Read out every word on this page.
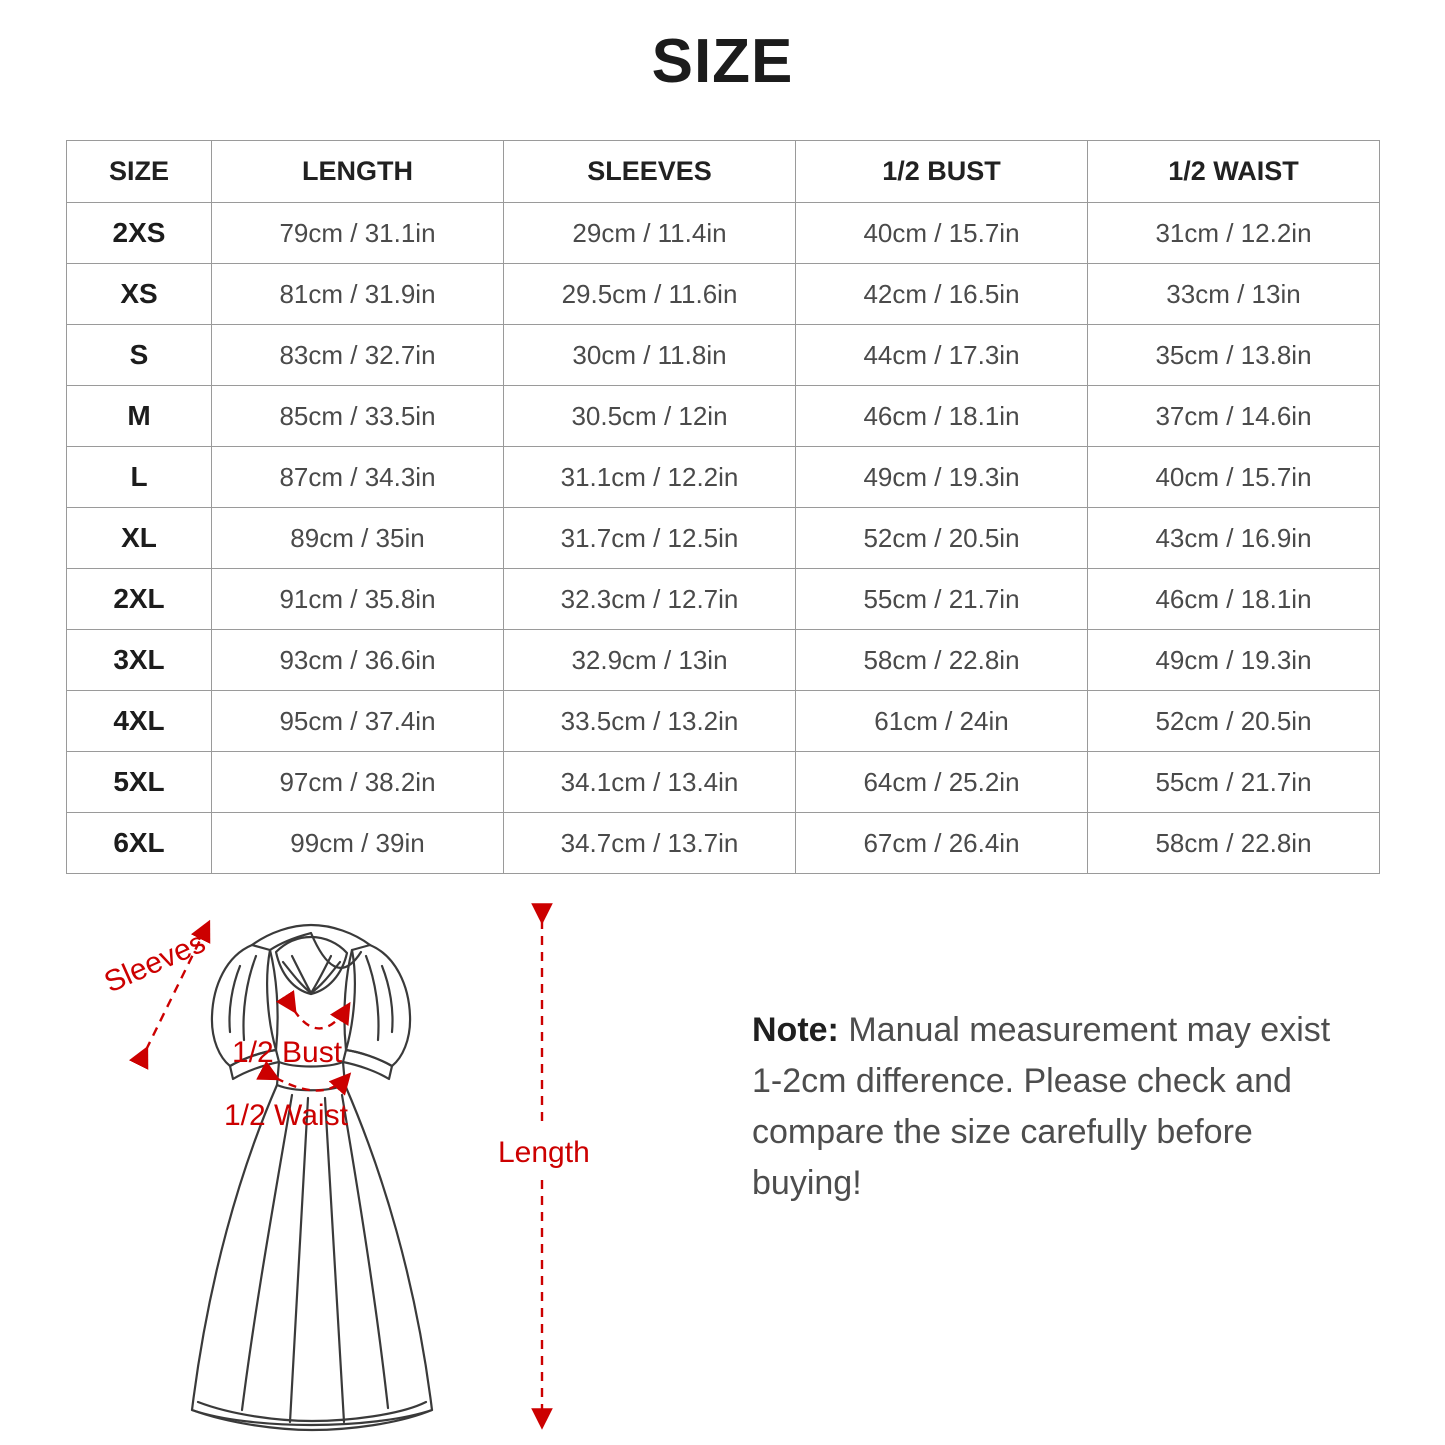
SIZE
SIZE	LENGTH	SLEEVES	1/2 BUST	1/2 WAIST
2XS	79cm / 31.1in	29cm / 11.4in	40cm / 15.7in	31cm / 12.2in
XS	81cm / 31.9in	29.5cm / 11.6in	42cm / 16.5in	33cm / 13in
S	83cm / 32.7in	30cm / 11.8in	44cm / 17.3in	35cm / 13.8in
M	85cm / 33.5in	30.5cm / 12in	46cm / 18.1in	37cm / 14.6in
L	87cm / 34.3in	31.1cm / 12.2in	49cm / 19.3in	40cm / 15.7in
XL	89cm / 35in	31.7cm / 12.5in	52cm / 20.5in	43cm / 16.9in
2XL	91cm / 35.8in	32.3cm / 12.7in	55cm / 21.7in	46cm / 18.1in
3XL	93cm / 36.6in	32.9cm / 13in	58cm / 22.8in	49cm / 19.3in
4XL	95cm / 37.4in	33.5cm / 13.2in	61cm / 24in	52cm / 20.5in
5XL	97cm / 38.2in	34.1cm / 13.4in	64cm / 25.2in	55cm / 21.7in
6XL	99cm / 39in	34.7cm / 13.7in	67cm / 26.4in	58cm / 22.8in
Sleeves
1/2 Bust
1/2 Waist
Length
Note: Manual measurement may exist 1-2cm difference. Please check and compare the size carefully before buying!
